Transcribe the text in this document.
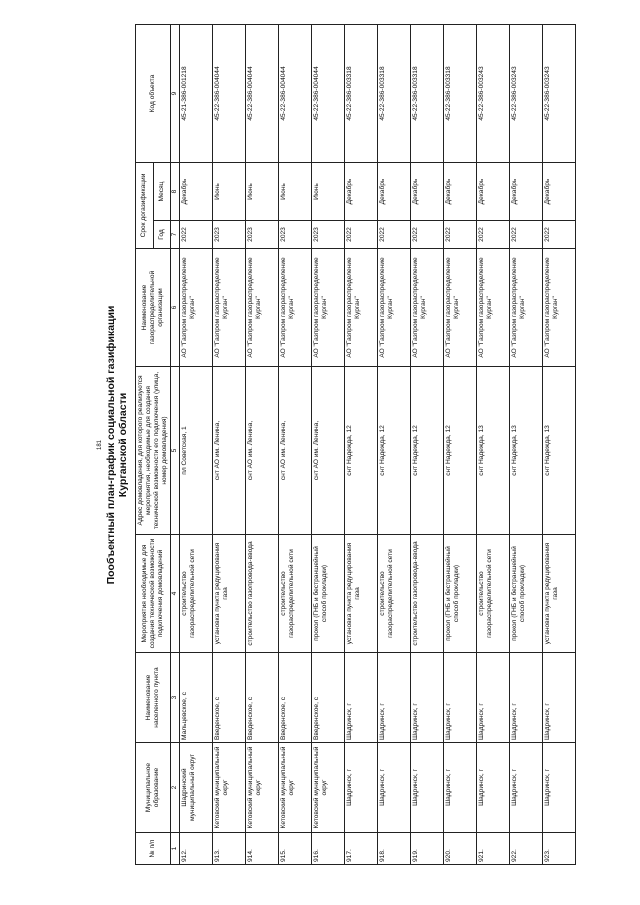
181 Пообъектный план-график социальной газификации Курганской области
№ п/п	Муниципальное образование	Наименование населенного пункта	Мероприятия необходимые для создания технической возможности подключения домовладений	Адрес домовладения, для которого реализуются мероприятия, необходимые для создания технической возможности его подключения (улица, номер домовладения)	Наименование газораспределительной организации	Срок догазификации		Код объекта
						Год	Месяц	
1	2	3	4	5	6	7	8	9
912.	Шадринский муниципальный округ	Мальцевское, с	строительство газораспределительной сети	пл Советская, 1	АО "Газпром газораспределение Курган"	2022	Декабрь	45-21-386-001218
913.	Кетовский муниципальный округ	Введенское, с	установка пункта редуцирования газа	снт АО им. Ленина,	АО "Газпром газораспределение Курган"	2023	Июнь	45-22-386-004044
914.	Кетовский муниципальный округ	Введенское, с	строительство газопровода-ввода	снт АО им. Ленина,	АО "Газпром газораспределение Курган"	2023	Июнь	45-22-386-004044
915.	Кетовский муниципальный округ	Введенское, с	строительство газораспределительной сети	снт АО им. Ленина,	АО "Газпром газораспределение Курган"	2023	Июнь	45-22-386-004044
916.	Кетовский муниципальный округ	Введенское, с	прокол (ГНБ и бестраншейный способ прокладки)	снт АО им. Ленина,	АО "Газпром газораспределение Курган"	2023	Июнь	45-22-386-004044
917.	Шадринск, г	Шадринск, г	установка пункта редуцирования газа	снт Надежда, 12	АО "Газпром газораспределение Курган"	2022	Декабрь	45-22-386-003318
918.	Шадринск, г	Шадринск, г	строительство газораспределительной сети	снт Надежда, 12	АО "Газпром газораспределение Курган"	2022	Декабрь	45-22-386-003318
919.	Шадринск, г	Шадринск, г	строительство газопровода-ввода	снт Надежда, 12	АО "Газпром газораспределение Курган"	2022	Декабрь	45-22-386-003318
920.	Шадринск, г	Шадринск, г	прокол (ГНБ и бестраншейный способ прокладки)	снт Надежда, 12	АО "Газпром газораспределение Курган"	2022	Декабрь	45-22-386-003318
921.	Шадринск, г	Шадринск, г	строительство газораспределительной сети	снт Надежда, 13	АО "Газпром газораспределение Курган"	2022	Декабрь	45-22-386-003243
922.	Шадринск, г	Шадринск, г	прокол (ГНБ и бестраншейный способ прокладки)	снт Надежда, 13	АО "Газпром газораспределение Курган"	2022	Декабрь	45-22-386-003243
923.	Шадринск, г	Шадринск, г	установка пункта редуцирования газа	снт Надежда, 13	АО "Газпром газораспределение Курган"	2022	Декабрь	45-22-386-003243
